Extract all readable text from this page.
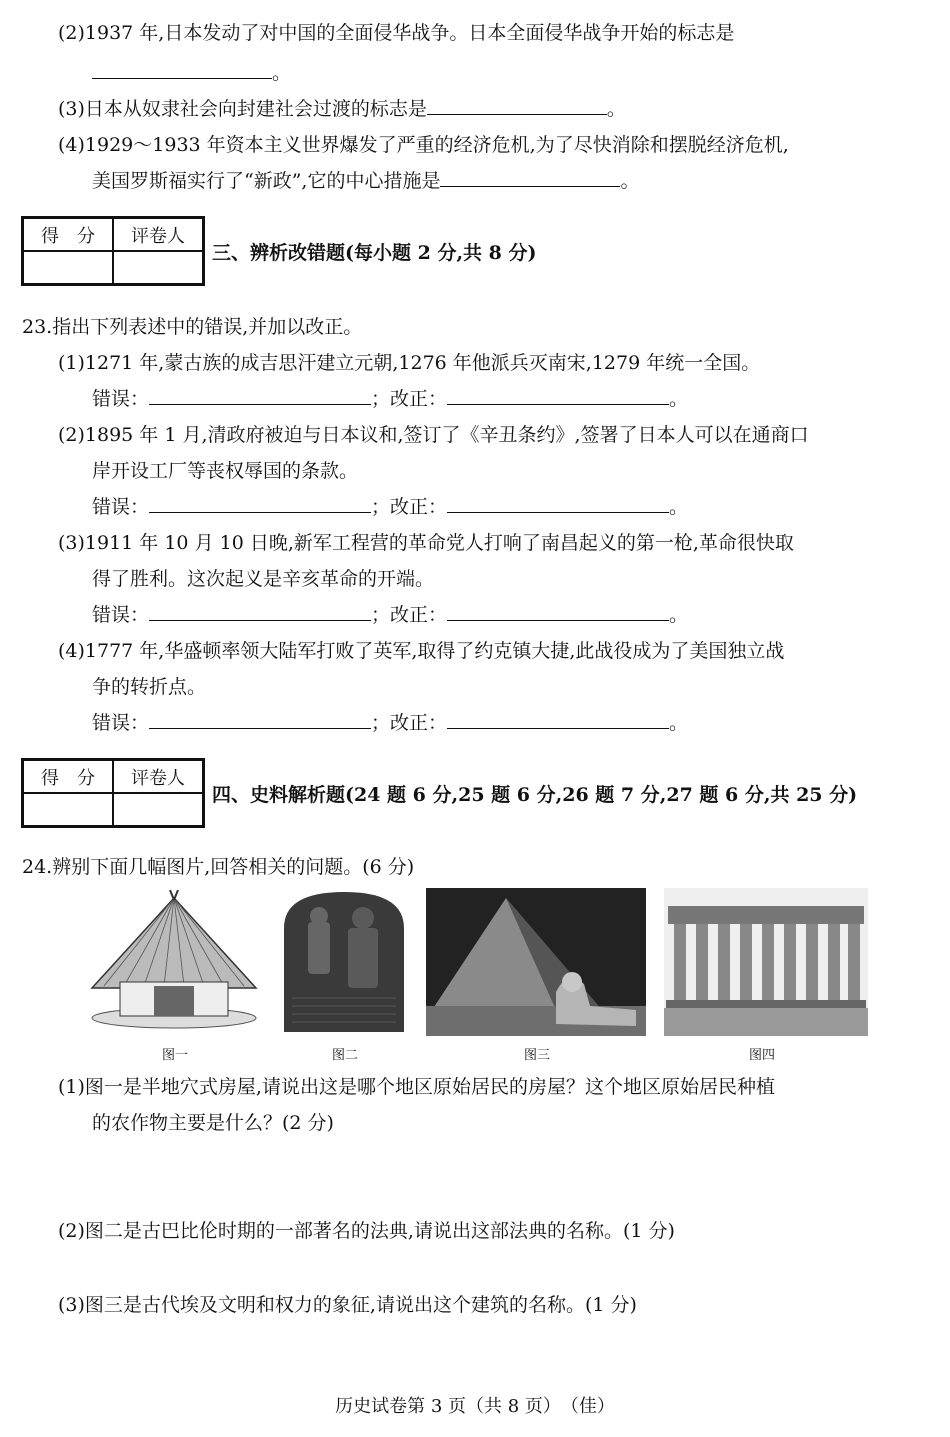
(2)1937 年,日本发动了对中国的全面侵华战争。日本全面侵华战争开始的标志是
。
(3)日本从奴隶社会向封建社会过渡的标志是	。
(4)1929～1933 年资本主义世界爆发了严重的经济危机,为了尽快消除和摆脱经济危机,
美国罗斯福实行了“新政”,它的中心措施是	。
得　分	评卷人
三、辨析改错题(每小题 2 分,共 8 分)
23.指出下列表述中的错误,并加以改正。
(1)1271 年,蒙古族的成吉思汗建立元朝,1276 年他派兵灭南宋,1279 年统一全国。
错误：	；改正：	。
(2)1895 年 1 月,清政府被迫与日本议和,签订了《辛丑条约》,签署了日本人可以在通商口
岸开设工厂等丧权辱国的条款。
错误：	；改正：	。
(3)1911 年 10 月 10 日晚,新军工程营的革命党人打响了南昌起义的第一枪,革命很快取
得了胜利。这次起义是辛亥革命的开端。
错误：	；改正：	。
(4)1777 年,华盛顿率领大陆军打败了英军,取得了约克镇大捷,此战役成为了美国独立战
争的转折点。
错误：	；改正：	。
得　分	评卷人
四、史料解析题(24 题 6 分,25 题 6 分,26 题 7 分,27 题 6 分,共 25 分)
24.辨别下面几幅图片,回答相关的问题。(6 分)
图一	图二	图三	图四
(1)图一是半地穴式房屋,请说出这是哪个地区原始居民的房屋？这个地区原始居民种植
的农作物主要是什么？(2 分)
(2)图二是古巴比伦时期的一部著名的法典,请说出这部法典的名称。(1 分)
(3)图三是古代埃及文明和权力的象征,请说出这个建筑的名称。(1 分)
历史试卷第 3 页（共 8 页）　（佳）
